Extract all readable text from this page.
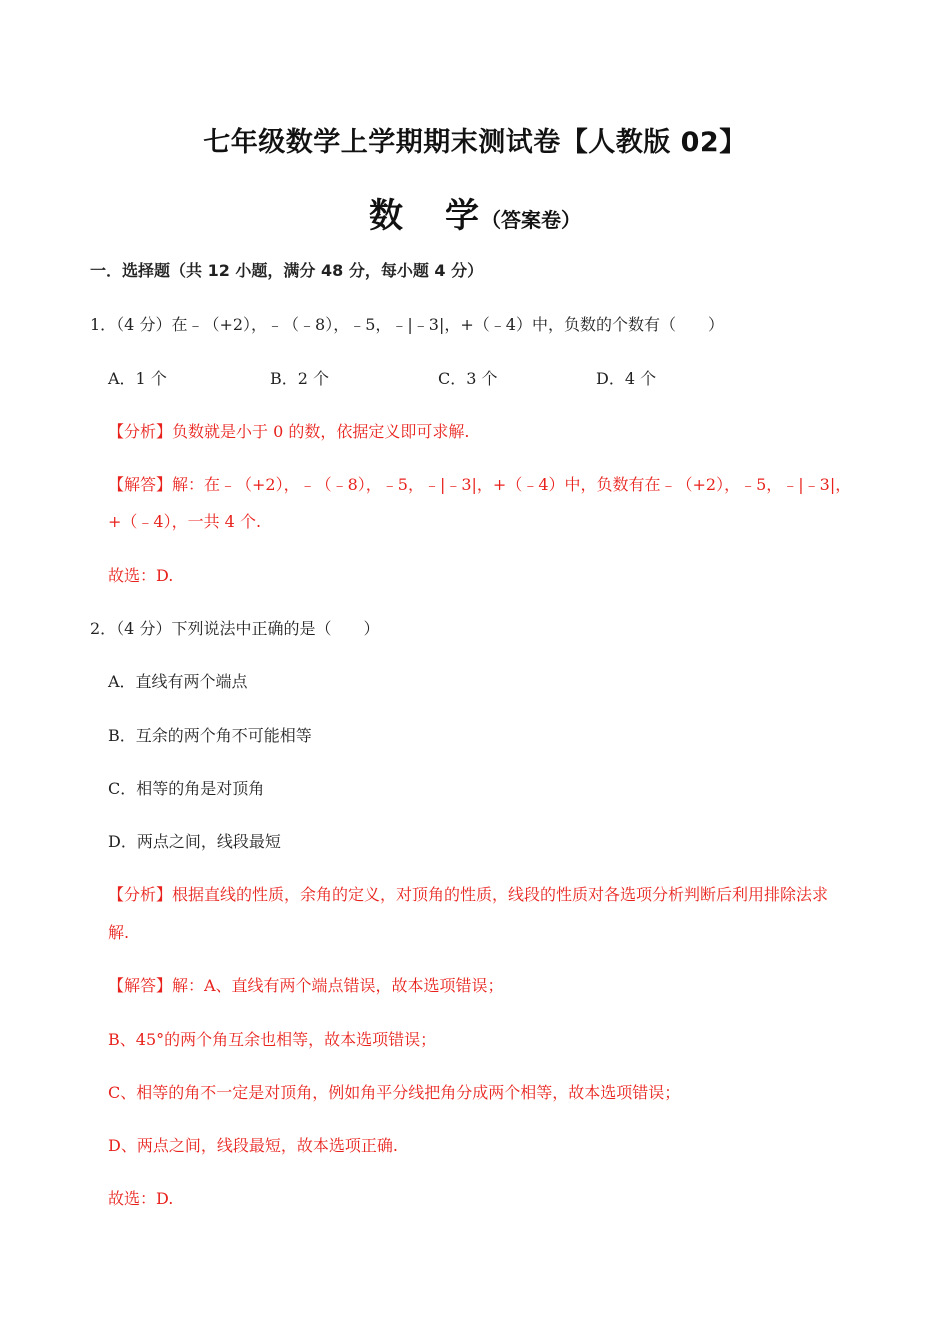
七年级数学上学期期末测试卷【人教版 02】
数 学（答案卷）
一．选择题（共 12 小题，满分 48 分，每小题 4 分）
1．（4 分）在﹣（+2），﹣（﹣8），﹣5，﹣|﹣3|，+（﹣4）中，负数的个数有（　　）
A．1 个	B．2 个	C．3 个	D．4 个
【分析】负数就是小于 0 的数，依据定义即可求解.
【解答】解：在﹣（+2），﹣（﹣8），﹣5，﹣|﹣3|，+（﹣4）中，负数有在﹣（+2），﹣5，﹣|﹣3|，
+（﹣4），一共 4 个.
故选：D.
2．（4 分）下列说法中正确的是（　　）
A．直线有两个端点
B．互余的两个角不可能相等
C．相等的角是对顶角
D．两点之间，线段最短
【分析】根据直线的性质，余角的定义，对顶角的性质，线段的性质对各选项分析判断后利用排除法求
解.
【解答】解：A、直线有两个端点错误，故本选项错误；
B、45°的两个角互余也相等，故本选项错误；
C、相等的角不一定是对顶角，例如角平分线把角分成两个相等，故本选项错误；
D、两点之间，线段最短，故本选项正确.
故选：D.
